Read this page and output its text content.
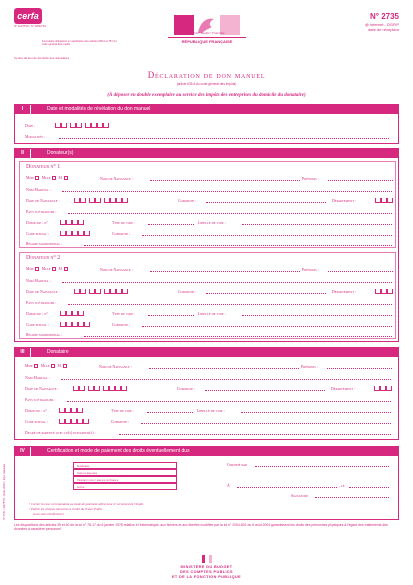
cerfa
N° 11278*02 ; N° 10540*04
Formulaire obligatoire en application des articles 635 A et 757 du code général des impôts
Centre du lieu de domicile des donataires
Liberté • Égalité • Fraternité
RÉPUBLIQUE FRANÇAISE
N° 2735
@ internet - DGFiP
date de réception
Déclaration de don manuel
(article 635 A du code général des impôts)
(À déposer en double exemplaire au service des impôts des entreprises du domicile du donataire)
I	Date et modalités de révélation du don manuel
Date :
Modalités :
II	Donateur(s)
Donateur n° 1
Mme Mlle M.	Nom de Naissance :	Prénoms :
Nom Marital :
Date de Naissance :	Commune :	Département :
Pays si étranger :
Domicile : n°	Type de voie :	Libellé de voie :
Code postal :	Commune :
Régime matrimonial :
Donateur n° 2
Mme Mlle M.	Nom de Naissance :	Prénoms :
Nom Marital :
Date de Naissance :	Commune :	Département :
Pays si étranger :
Domicile : n°	Type de voie :	Libellé de voie :
Code postal :	Commune :
Régime matrimonial :
III	Donataire
Mme Mlle M.	Nom de Naissance :	Prénoms :
Nom Marital :
Date de Naissance :	Commune :	Département :
Pays si étranger :
Domicile : n°	Type de voie :	Libellé de voie :
Code postal :	Commune :
Degré de parenté avec le(s) donateur(s) :
IV	Certification et mode de paiement des droits éventuellement dus
Numéraire
Chèque bancaire
Virement direct banque de France
Autre
Certifié par
À	, le
Signature
• Cocher la case correspondant au mode de paiement utilisé pour le versement de l'impôt.
• Établir les chèques bancaires à l'ordre du Trésor Public
(sous suite bénéficiaire)
N° 2735 • 11278*02 • (mars 2009) • impr. nationale
Les dispositions des articles 39 et 40 de la loi n° 78-17 du 6 janvier 1978 relative à l'informatique, aux fichiers et aux libertés modifiée par la loi n° 2004-801 du 6 août 2004 garantissent les droits des personnes physiques à l'égard des traitements des données à caractère personnel.
MINISTÈRE DU BUDGET
DES COMPTES PUBLICS
ET DE LA FONCTION PUBLIQUE
